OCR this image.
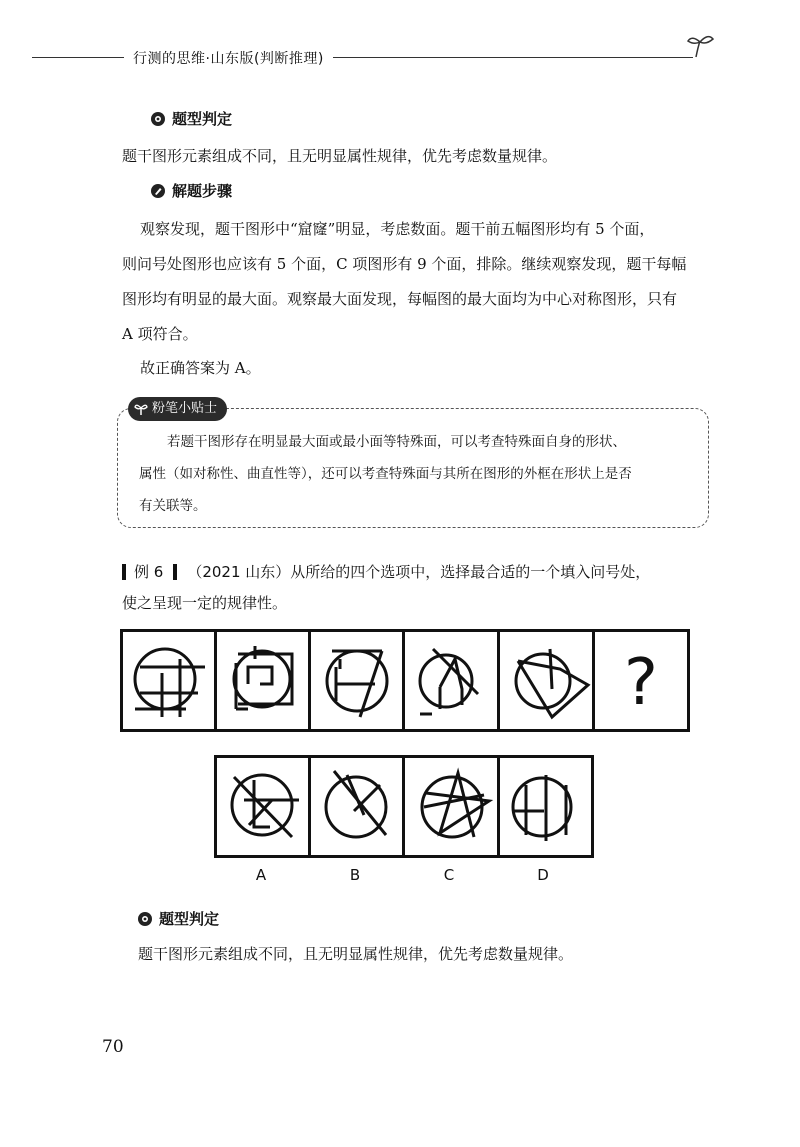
行测的思维·山东版(判断推理)
题型判定
题干图形元素组成不同，且无明显属性规律，优先考虑数量规律。
解题步骤
观察发现，题干图形中“窟窿”明显，考虑数面。题干前五幅图形均有 5 个面，
则问号处图形也应该有 5 个面，C 项图形有 9 个面，排除。继续观察发现，题干每幅
图形均有明显的最大面。观察最大面发现，每幅图的最大面均为中心对称图形，只有
A 项符合。
故正确答案为 A。
粉笔小贴士
若题干图形存在明显最大面或最小面等特殊面，可以考查特殊面自身的形状、
属性（如对称性、曲直性等），还可以考查特殊面与其所在图形的外框在形状上是否
有关联等。
例 6 （2021 山东）从所给的四个选项中，选择最合适的一个填入问号处，
使之呈现一定的规律性。
?
A	B	C	D
题型判定
题干图形元素组成不同，且无明显属性规律，优先考虑数量规律。
70
